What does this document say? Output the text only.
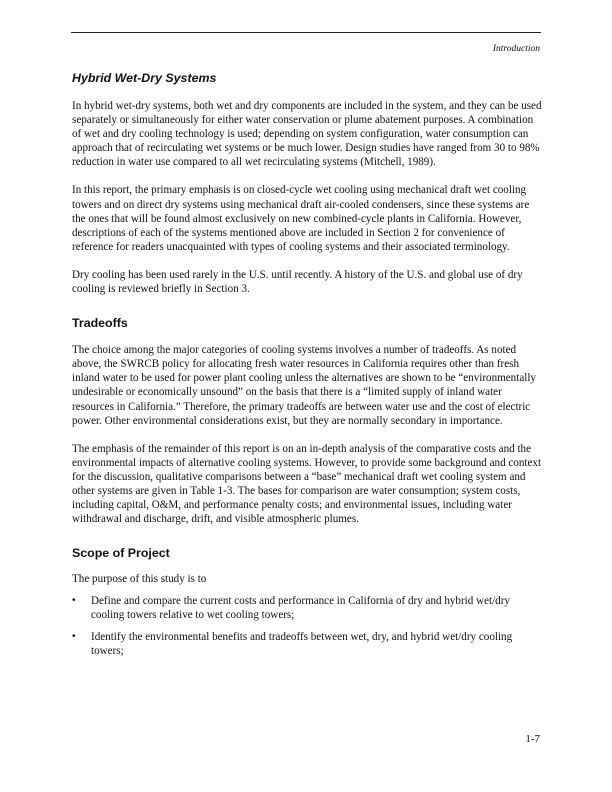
Introduction
Hybrid Wet-Dry Systems

In hybrid wet-dry systems, both wet and dry components are included in the system, and they can be used separately or simultaneously for either water conservation or plume abatement purposes. A combination of wet and dry cooling technology is used; depending on system configuration, water consumption can approach that of recirculating wet systems or be much lower. Design studies have ranged from 30 to 98% reduction in water use compared to all wet recirculating systems (Mitchell, 1989).

In this report, the primary emphasis is on closed-cycle wet cooling using mechanical draft wet cooling towers and on direct dry systems using mechanical draft air-cooled condensers, since these systems are the ones that will be found almost exclusively on new combined-cycle plants in California. However, descriptions of each of the systems mentioned above are included in Section 2 for convenience of reference for readers unacquainted with types of cooling systems and their associated terminology.

Dry cooling has been used rarely in the U.S. until recently. A history of the U.S. and global use of dry cooling is reviewed briefly in Section 3.

Tradeoffs

The choice among the major categories of cooling systems involves a number of tradeoffs. As noted above, the SWRCB policy for allocating fresh water resources in California requires other than fresh inland water to be used for power plant cooling unless the alternatives are shown to be “environmentally undesirable or economically unsound” on the basis that there is a “limited supply of inland water resources in California.” Therefore, the primary tradeoffs are between water use and the cost of electric power. Other environmental considerations exist, but they are normally secondary in importance.

The emphasis of the remainder of this report is on an in-depth analysis of the comparative costs and the environmental impacts of alternative cooling systems. However, to provide some background and context for the discussion, qualitative comparisons between a “base” mechanical draft wet cooling system and other systems are given in Table 1-3. The bases for comparison are water consumption; system costs, including capital, O&M, and performance penalty costs; and environmental issues, including water withdrawal and discharge, drift, and visible atmospheric plumes.

Scope of Project

The purpose of this study is to

• Define and compare the current costs and performance in California of dry and hybrid wet/dry cooling towers relative to wet cooling towers;
• Identify the environmental benefits and tradeoffs between wet, dry, and hybrid wet/dry cooling towers;
1-7
